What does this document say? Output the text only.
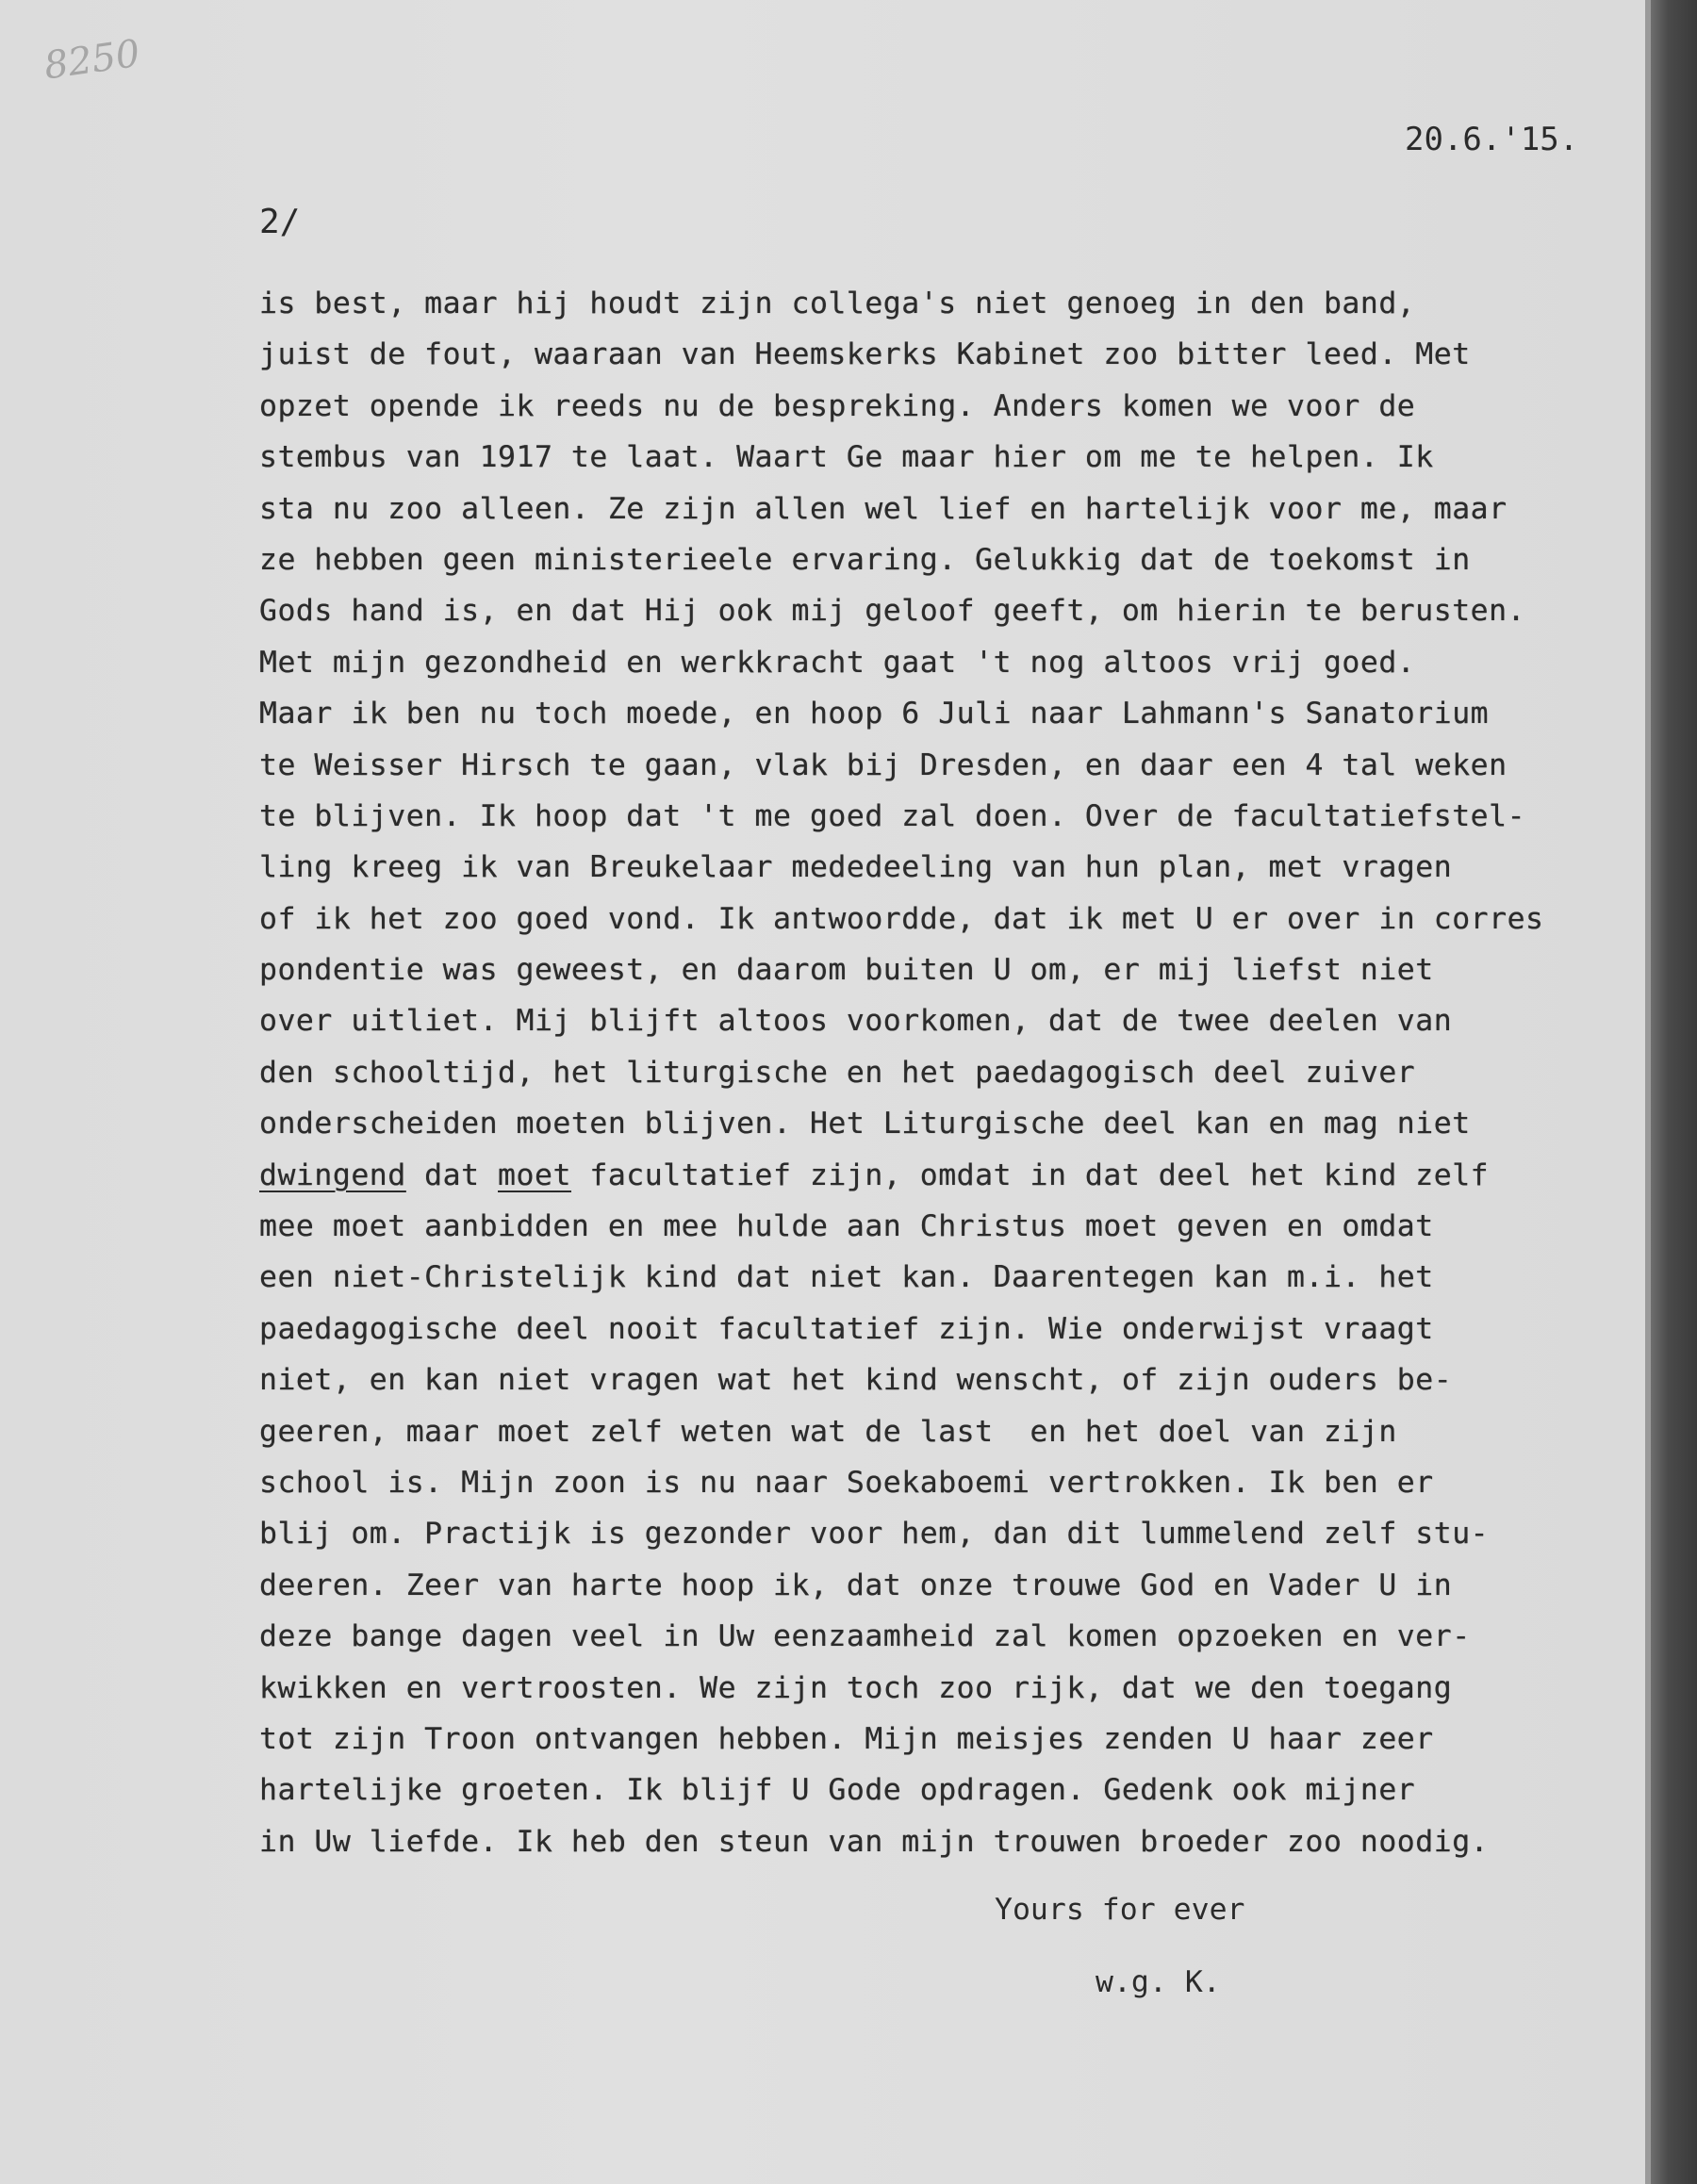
8250
20.6.'15.
2/
is best, maar hij houdt zijn collega's niet genoeg in den band,
juist de fout, waaraan van Heemskerks Kabinet zoo bitter leed. Met
opzet opende ik reeds nu de bespreking. Anders komen we voor de
stembus van 1917 te laat. Waart Ge maar hier om me te helpen. Ik
sta nu zoo alleen. Ze zijn allen wel lief en hartelijk voor me, maar
ze hebben geen ministerieele ervaring. Gelukkig dat de toekomst in
Gods hand is, en dat Hij ook mij geloof geeft, om hierin te berusten.
Met mijn gezondheid en werkkracht gaat 't nog altoos vrij goed.
Maar ik ben nu toch moede, en hoop 6 Juli naar Lahmann's Sanatorium
te Weisser Hirsch te gaan, vlak bij Dresden, en daar een 4 tal weken
te blijven. Ik hoop dat 't me goed zal doen. Over de facultatiefstel-
ling kreeg ik van Breukelaar mededeeling van hun plan, met vragen
of ik het zoo goed vond. Ik antwoordde, dat ik met U er over in corres
pondentie was geweest, en daarom buiten U om, er mij liefst niet
over uitliet. Mij blijft altoos voorkomen, dat de twee deelen van
den schooltijd, het liturgische en het paedagogisch deel zuiver
onderscheiden moeten blijven. Het Liturgische deel kan en mag niet
dwingend dat moet facultatief zijn, omdat in dat deel het kind zelf
mee moet aanbidden en mee hulde aan Christus moet geven en omdat
een niet-Christelijk kind dat niet kan. Daarentegen kan m.i. het
paedagogische deel nooit facultatief zijn. Wie onderwijst vraagt
niet, en kan niet vragen wat het kind wenscht, of zijn ouders be-
geeren, maar moet zelf weten wat de last  en het doel van zijn
school is. Mijn zoon is nu naar Soekaboemi vertrokken. Ik ben er
blij om. Practijk is gezonder voor hem, dan dit lummelend zelf stu-
deeren. Zeer van harte hoop ik, dat onze trouwe God en Vader U in
deze bange dagen veel in Uw eenzaamheid zal komen opzoeken en ver-
kwikken en vertroosten. We zijn toch zoo rijk, dat we den toegang
tot zijn Troon ontvangen hebben. Mijn meisjes zenden U haar zeer
hartelijke groeten. Ik blijf U Gode opdragen. Gedenk ook mijner
in Uw liefde. Ik heb den steun van mijn trouwen broeder zoo noodig.
Yours for ever
w.g. K.
